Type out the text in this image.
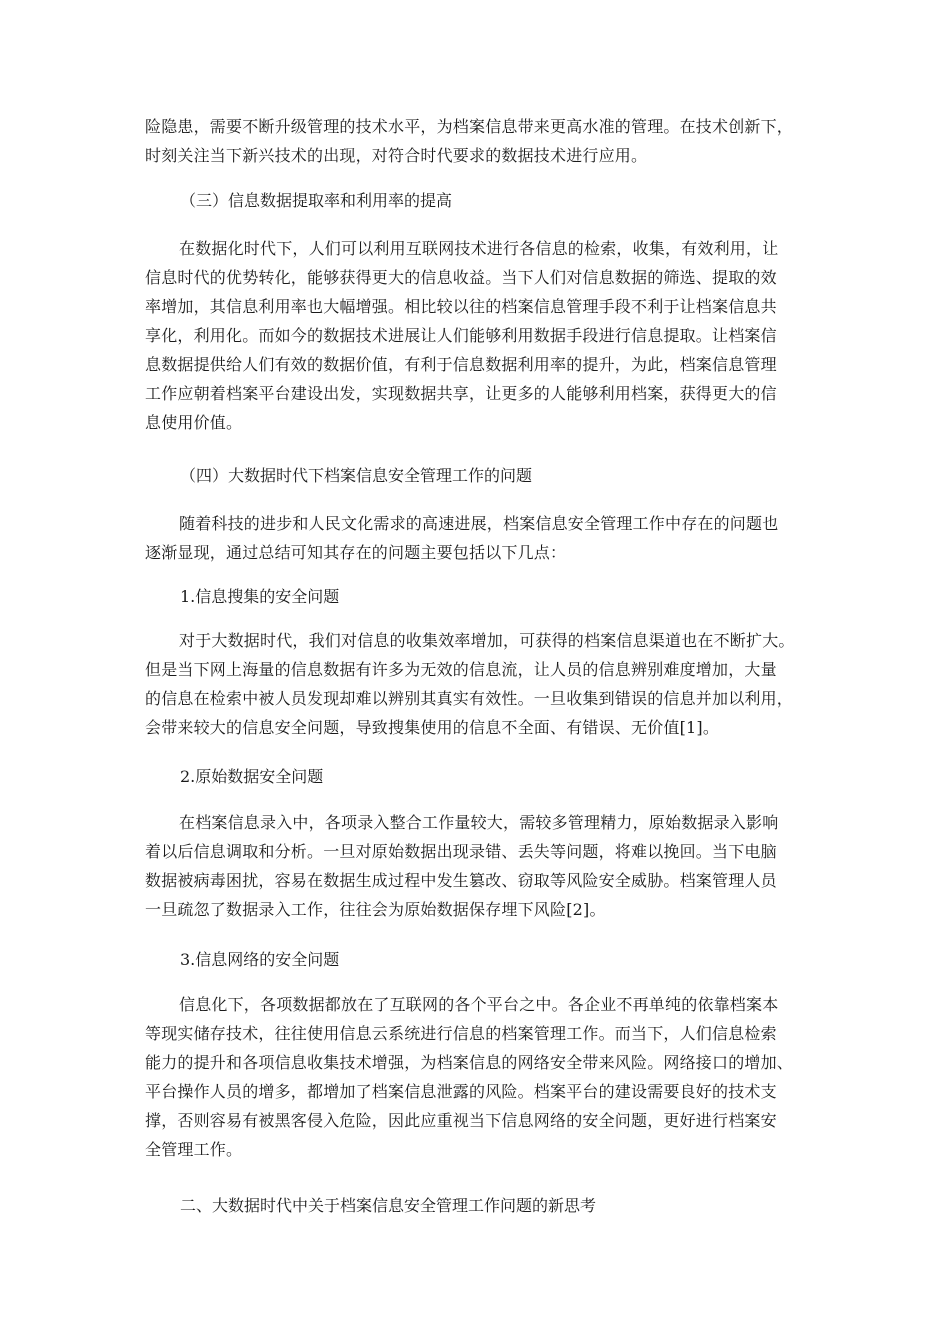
险隐患，需要不断升级管理的技术水平，为档案信息带来更高水准的管理。在技术创新下，
时刻关注当下新兴技术的出现，对符合时代要求的数据技术进行应用。
（三）信息数据提取率和利用率的提高
在数据化时代下，人们可以利用互联网技术进行各信息的检索，收集，有效利用，让
信息时代的优势转化，能够获得更大的信息收益。当下人们对信息数据的筛选、提取的效
率增加，其信息利用率也大幅增强。相比较以往的档案信息管理手段不利于让档案信息共
享化，利用化。而如今的数据技术进展让人们能够利用数据手段进行信息提取。让档案信
息数据提供给人们有效的数据价值，有利于信息数据利用率的提升，为此，档案信息管理
工作应朝着档案平台建设出发，实现数据共享，让更多的人能够利用档案，获得更大的信
息使用价值。
（四）大数据时代下档案信息安全管理工作的问题
随着科技的进步和人民文化需求的高速进展，档案信息安全管理工作中存在的问题也
逐渐显现，通过总结可知其存在的问题主要包括以下几点：
1.信息搜集的安全问题
对于大数据时代，我们对信息的收集效率增加，可获得的档案信息渠道也在不断扩大。
但是当下网上海量的信息数据有许多为无效的信息流，让人员的信息辨别难度增加，大量
的信息在检索中被人员发现却难以辨别其真实有效性。一旦收集到错误的信息并加以利用，
会带来较大的信息安全问题，导致搜集使用的信息不全面、有错误、无价值[1]。
2.原始数据安全问题
在档案信息录入中，各项录入整合工作量较大，需较多管理精力，原始数据录入影响
着以后信息调取和分析。一旦对原始数据出现录错、丢失等问题，将难以挽回。当下电脑
数据被病毒困扰，容易在数据生成过程中发生篡改、窃取等风险安全威胁。档案管理人员
一旦疏忽了数据录入工作，往往会为原始数据保存埋下风险[2]。
3.信息网络的安全问题
信息化下，各项数据都放在了互联网的各个平台之中。各企业不再单纯的依靠档案本
等现实储存技术，往往使用信息云系统进行信息的档案管理工作。而当下，人们信息检索
能力的提升和各项信息收集技术增强，为档案信息的网络安全带来风险。网络接口的增加、
平台操作人员的增多，都增加了档案信息泄露的风险。档案平台的建设需要良好的技术支
撑，否则容易有被黑客侵入危险，因此应重视当下信息网络的安全问题，更好进行档案安
全管理工作。
二、大数据时代中关于档案信息安全管理工作问题的新思考
